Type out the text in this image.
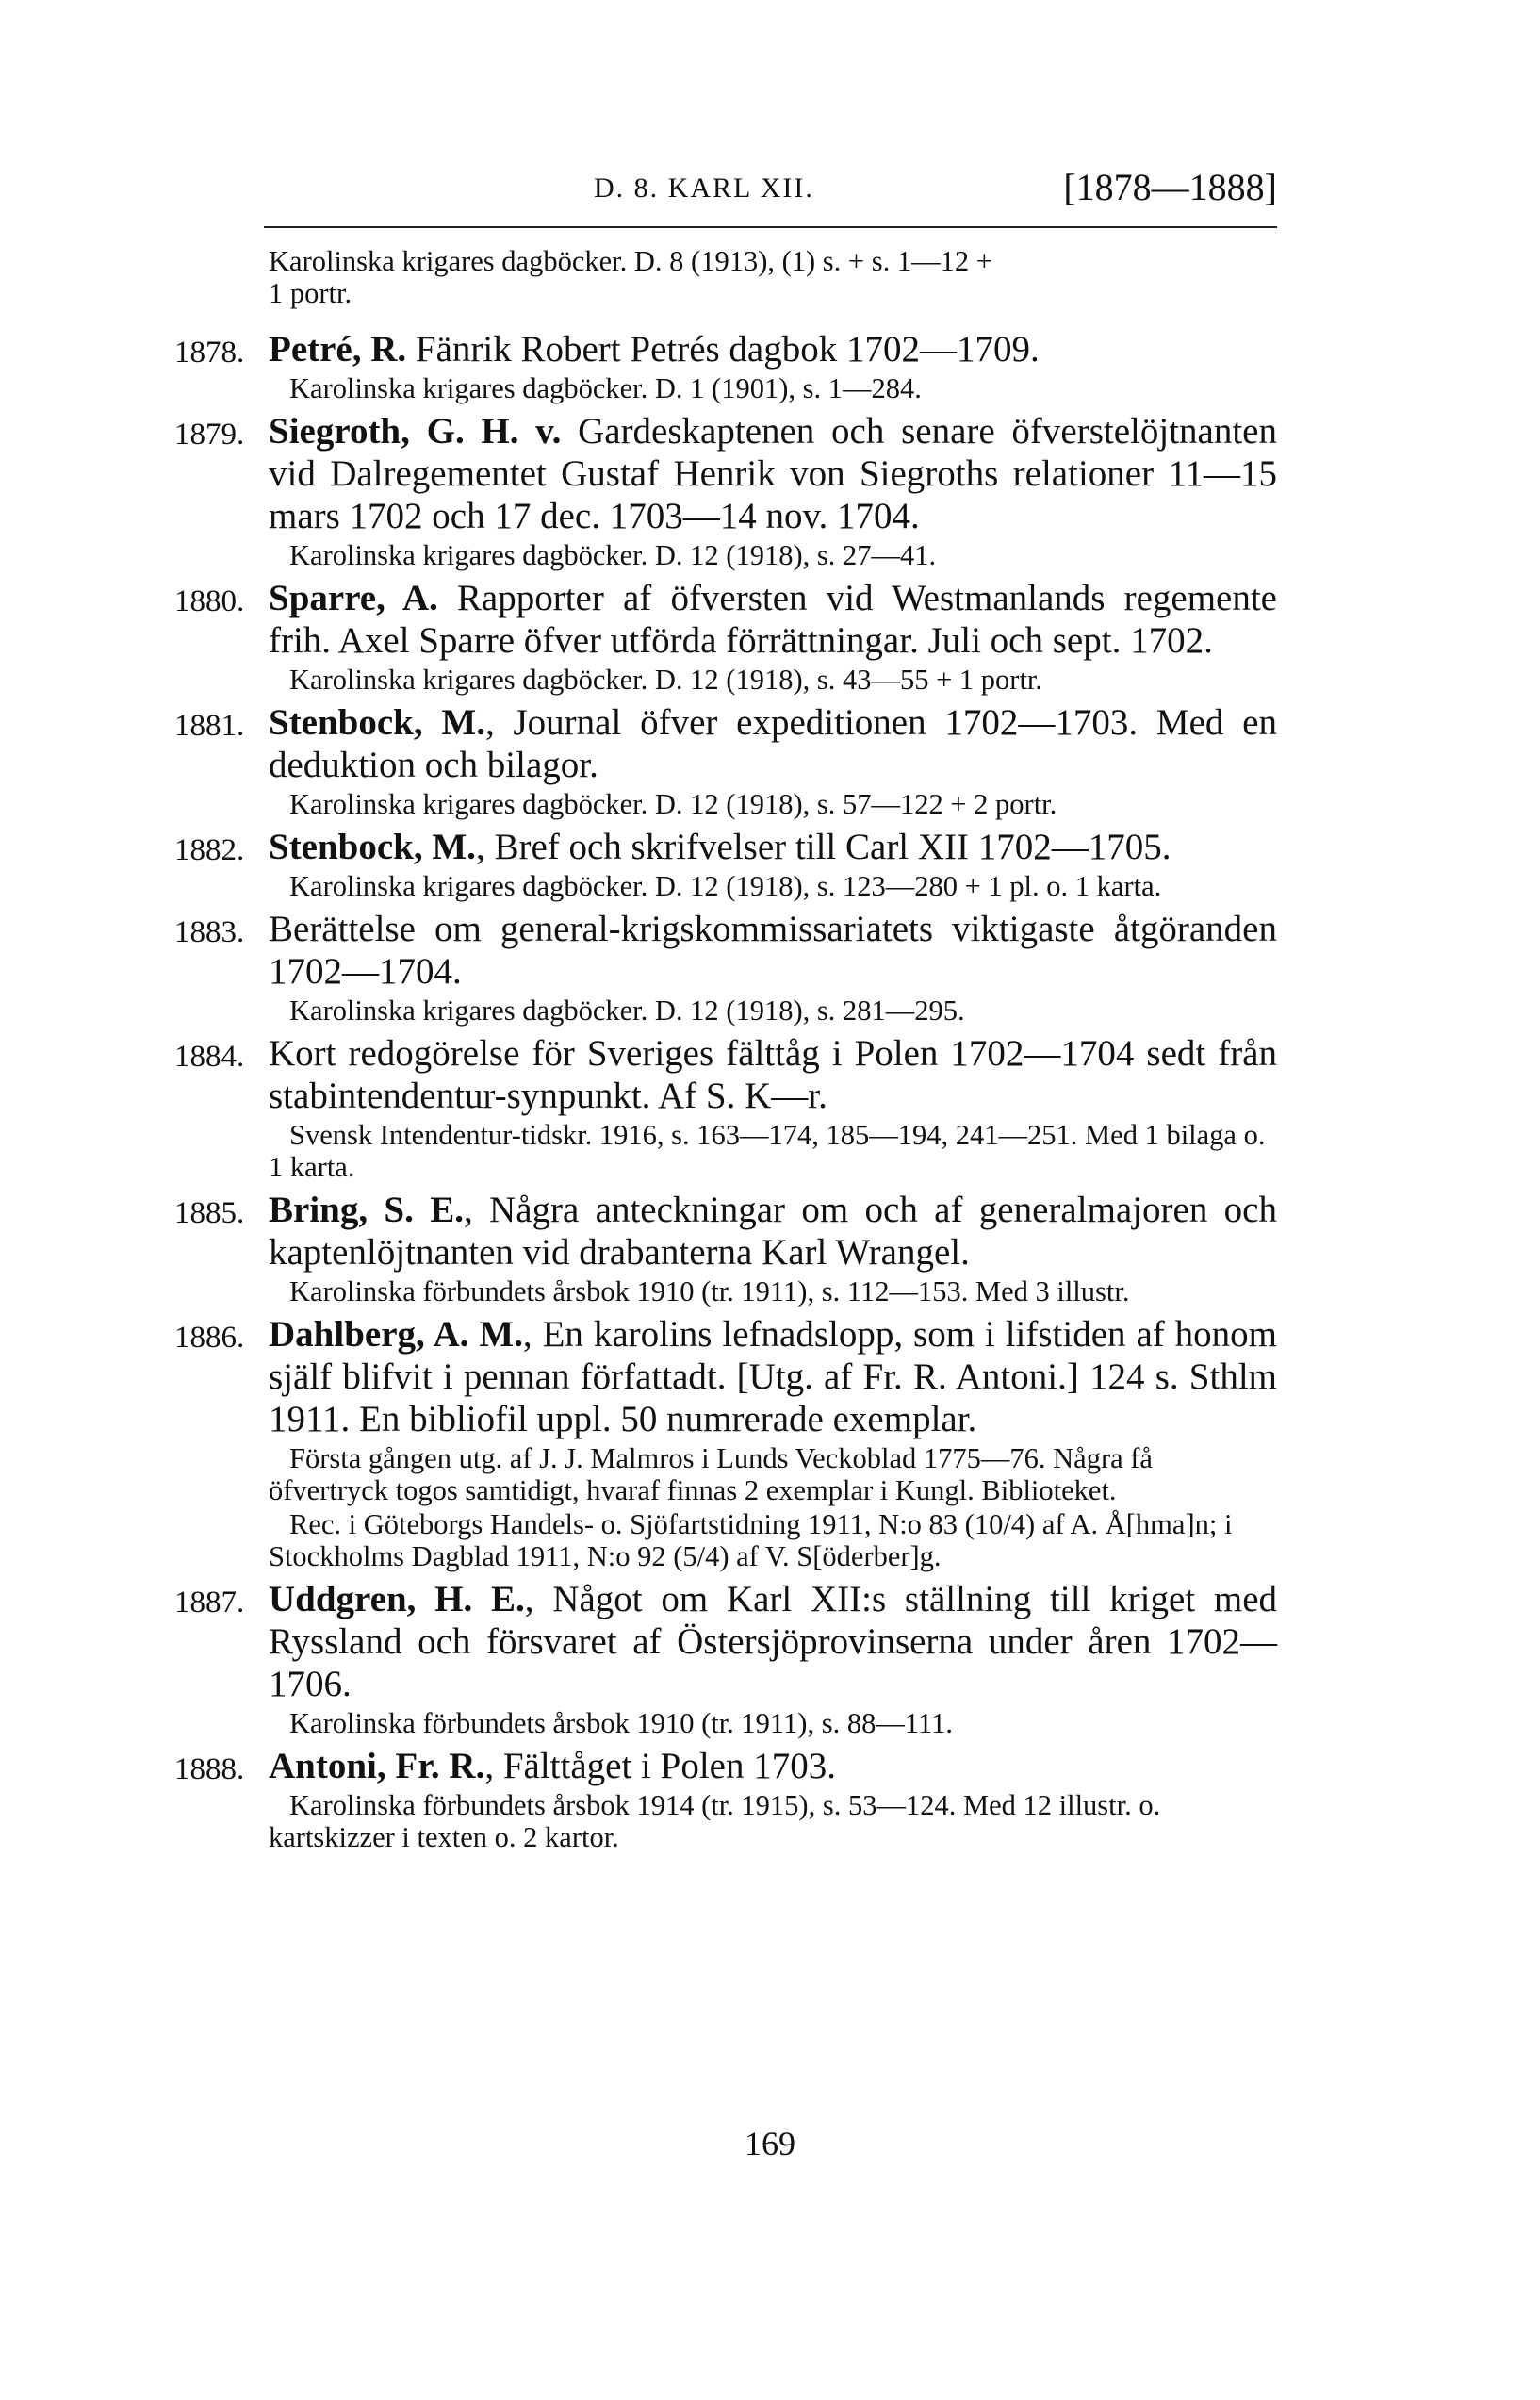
D. 8. KARL XII.	[1878—1888]
Karolinska krigares dagböcker. D. 8 (1913), (1) s. + s. 1—12 +
1 portr.
1878. Petré, R. Fänrik Robert Petrés dagbok 1702—1709.
Karolinska krigares dagböcker. D. 1 (1901), s. 1—284.
1879. Siegroth, G. H. v. Gardeskaptenen och senare öfverstelöjtnanten vid Dalregementet Gustaf Henrik von Siegroths relationer 11—15 mars 1702 och 17 dec. 1703—14 nov. 1704.
Karolinska krigares dagböcker. D. 12 (1918), s. 27—41.
1880. Sparre, A. Rapporter af öfversten vid Westmanlands regemente frih. Axel Sparre öfver utförda förrättningar. Juli och sept. 1702.
Karolinska krigares dagböcker. D. 12 (1918), s. 43—55 + 1 portr.
1881. Stenbock, M., Journal öfver expeditionen 1702—1703. Med en deduktion och bilagor.
Karolinska krigares dagböcker. D. 12 (1918), s. 57—122 + 2 portr.
1882. Stenbock, M., Bref och skrifvelser till Carl XII 1702—1705.
Karolinska krigares dagböcker. D. 12 (1918), s. 123—280 + 1 pl. o. 1 karta.
1883. Berättelse om general-krigskommissariatets viktigaste åtgöranden 1702—1704.
Karolinska krigares dagböcker. D. 12 (1918), s. 281—295.
1884. Kort redogörelse för Sveriges fälttåg i Polen 1702—1704 sedt från stabintendentur-synpunkt. Af S. K—r.
Svensk Intendentur-tidskr. 1916, s. 163—174, 185—194, 241—251. Med 1 bilaga o. 1 karta.
1885. Bring, S. E., Några anteckningar om och af generalmajoren och kaptenlöjtnanten vid drabanterna Karl Wrangel.
Karolinska förbundets årsbok 1910 (tr. 1911), s. 112—153. Med 3 illustr.
1886. Dahlberg, A. M., En karolins lefnadslopp, som i lifstiden af honom själf blifvit i pennan författadt. [Utg. af Fr. R. Antoni.] 124 s. Sthlm 1911. En bibliofil uppl. 50 numrerade exemplar.
Första gången utg. af J. J. Malmros i Lunds Veckoblad 1775—76. Några få öfvertryck togos samtidigt, hvaraf finnas 2 exemplar i Kungl. Biblioteket.
Rec. i Göteborgs Handels- o. Sjöfartstidning 1911, N:o 83 (10/4) af A. Å[hma]n; i Stockholms Dagblad 1911, N:o 92 (5/4) af V. S[öderber]g.
1887. Uddgren, H. E., Något om Karl XII:s ställning till kriget med Ryssland och försvaret af Östersjöprovinserna under åren 1702—1706.
Karolinska förbundets årsbok 1910 (tr. 1911), s. 88—111.
1888. Antoni, Fr. R., Fälttåget i Polen 1703.
Karolinska förbundets årsbok 1914 (tr. 1915), s. 53—124. Med 12 illustr. o. kartskizzer i texten o. 2 kartor.
169
